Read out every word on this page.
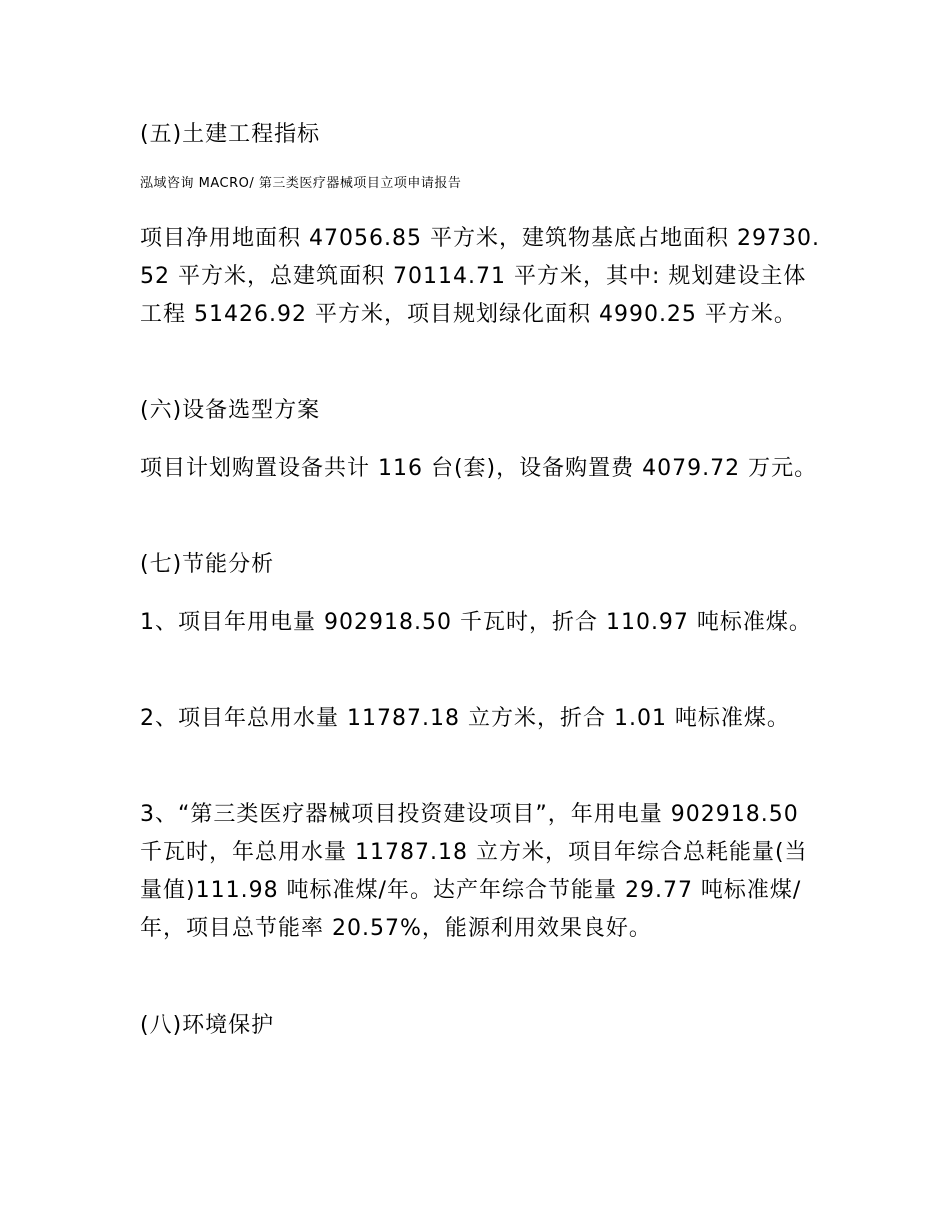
(五)土建工程指标

泓域咨询 MACRO/ 第三类医疗器械项目立项申请报告

项目净用地面积 47056.85 平方米，建筑物基底占地面积 29730.52 平方米，总建筑面积 70114.71 平方米，其中: 规划建设主体工程 51426.92 平方米，项目规划绿化面积 4990.25 平方米。

(六)设备选型方案

项目计划购置设备共计 116 台(套)，设备购置费 4079.72 万元。

(七)节能分析

1、项目年用电量 902918.50 千瓦时，折合 110.97 吨标准煤。

2、项目年总用水量 11787.18 立方米，折合 1.01 吨标准煤。

3、“第三类医疗器械项目投资建设项目”，年用电量 902918.50 千瓦时，年总用水量 11787.18 立方米，项目年综合总耗能量(当量值)111.98 吨标准煤/年。达产年综合节能量 29.77 吨标准煤/年，项目总节能率 20.57%，能源利用效果良好。

(八)环境保护
